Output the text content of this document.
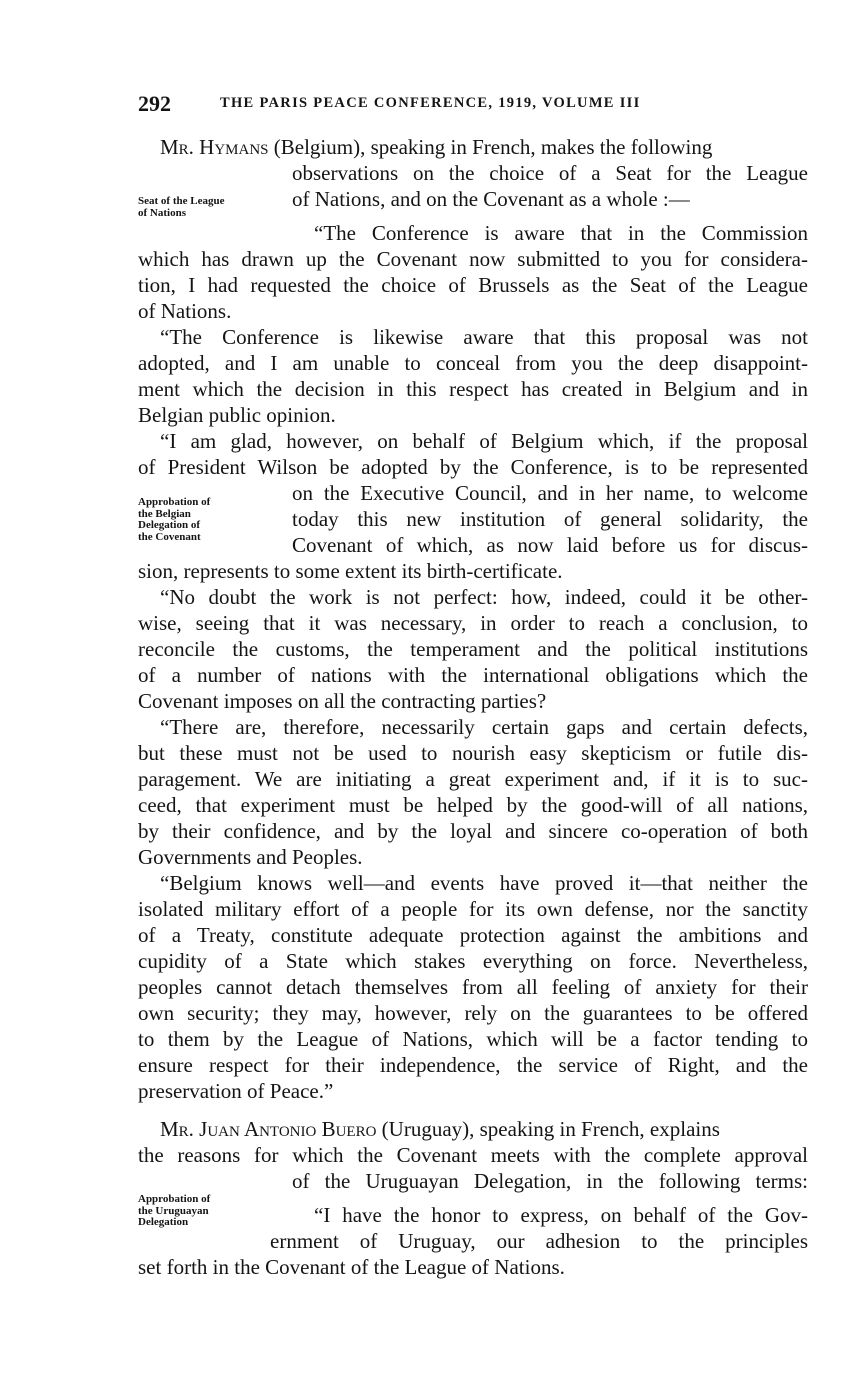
292	THE PARIS PEACE CONFERENCE, 1919, VOLUME III
Seat of the League
of Nations
Approbation of
the Belgian
Delegation of
the Covenant
Approbation of
the Uruguayan
Delegation
Mr. Hymans (Belgium), speaking in French, makes the following
observations on the choice of a Seat for the League
of Nations, and on the Covenant as a whole :—
“The Conference is aware that in the Commission
which has drawn up the Covenant now submitted to you for considera-
tion, I had requested the choice of Brussels as the Seat of the League
of Nations.
“The Conference is likewise aware that this proposal was not
adopted, and I am unable to conceal from you the deep disappoint-
ment which the decision in this respect has created in Belgium and in
Belgian public opinion.
“I am glad, however, on behalf of Belgium which, if the proposal
of President Wilson be adopted by the Conference, is to be represented
on the Executive Council, and in her name, to welcome
today this new institution of general solidarity, the
Covenant of which, as now laid before us for discus-
sion, represents to some extent its birth-certificate.
“No doubt the work is not perfect: how, indeed, could it be other-
wise, seeing that it was necessary, in order to reach a conclusion, to
reconcile the customs, the temperament and the political institutions
of a number of nations with the international obligations which the
Covenant imposes on all the contracting parties?
“There are, therefore, necessarily certain gaps and certain defects,
but these must not be used to nourish easy skepticism or futile dis-
paragement. We are initiating a great experiment and, if it is to suc-
ceed, that experiment must be helped by the good-will of all nations,
by their confidence, and by the loyal and sincere co-operation of both
Governments and Peoples.
“Belgium knows well—and events have proved it—that neither the
isolated military effort of a people for its own defense, nor the sanctity
of a Treaty, constitute adequate protection against the ambitions and
cupidity of a State which stakes everything on force. Nevertheless,
peoples cannot detach themselves from all feeling of anxiety for their
own security; they may, however, rely on the guarantees to be offered
to them by the League of Nations, which will be a factor tending to
ensure respect for their independence, the service of Right, and the
preservation of Peace.”
Mr. Juan Antonio Buero (Uruguay), speaking in French, explains
the reasons for which the Covenant meets with the complete approval
of the Uruguayan Delegation, in the following terms:
“I have the honor to express, on behalf of the Gov-
ernment of Uruguay, our adhesion to the principles
set forth in the Covenant of the League of Nations.
